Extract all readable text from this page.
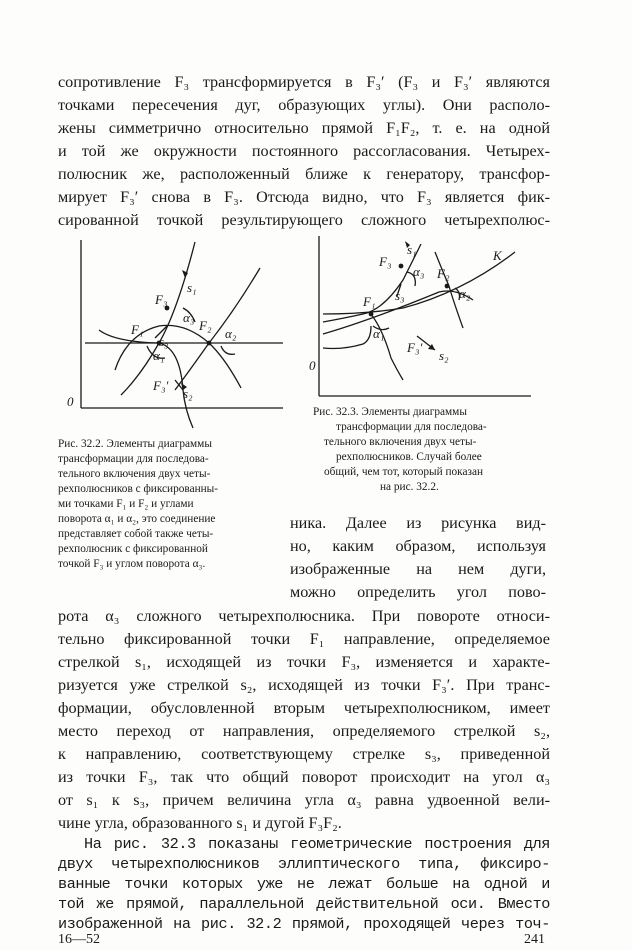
сопротивление F₃ трансформируется в F₃′ (F₃ и F₃′ являются
точками пересечения дуг, образующих углы). Они располо-
жены симметрично относительно прямой F₁F₂, т. е. на одной
и той же окружности постоянного рассогласования. Четырех-
полюсник же, расположенный ближе к генератору, трансфор-
мирует F₃′ снова в F₃. Отсюда видно, что F₃ является фик-
сированной точкой результирующего сложного четырехполюс-
0
F₁	F₂
F₃
F₃′
s₁
s₂
s₃
α₁
α₂
α₃
0
K
F₁
F₂
F₃
F₃′
s₁
s₂
s₃
α₁
α₂
α₃
Рис. 32.3. Элементы диаграммы
трансформации для последова-
тельного включения двух четы-
рехполюсников. Случай более
общий, чем тот, который показан
на рис. 32.2.
Рис. 32.2. Элементы диаграммы
трансформации для последова-
тельного включения двух четы-
рехполюсников с фиксированны-
ми точками F₁ и F₂ и углами
поворота α₁ и α₂, это соединение
представляет собой также четы-
рехполюсник с фиксированной
точкой F₃ и углом поворота α₃.
ника. Далее из рисунка вид-
но, каким образом, используя
изображенные на нем дуги,
можно определить угол пово-
рота α₃ сложного четырехполюсника. При повороте относи-
тельно фиксированной точки F₁ направление, определяемое
стрелкой s₁, исходящей из точки F₃, изменяется и характе-
ризуется уже стрелкой s₂, исходящей из точки F₃′. При транс-
формации, обусловленной вторым четырехполюсником, имеет
место переход от направления, определяемого стрелкой s₂,
к направлению, соответствующему стрелке s₃, приведенной
из точки F₃, так что общий поворот происходит на угол α₃
от s₁ к s₃, причем величина угла α₃ равна удвоенной вели-
чине угла, образованного s₁ и дугой F₃F₂.
На рис. 32.3 показаны геометрические построения для
двух четырехполюсников эллиптического типа, фиксиро-
ванные точки которых уже не лежат больше на одной и
той же прямой, параллельной действительной оси. Вместо
изображенной на рис. 32.2 прямой, проходящей через точ-
16—52	241
